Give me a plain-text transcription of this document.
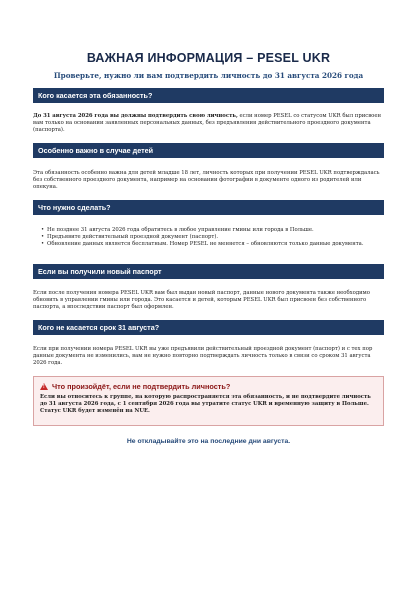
ВАЖНАЯ ИНФОРМАЦИЯ – PESEL UKR
Проверьте, нужно ли вам подтвердить личность до 31 августа 2026 года
Кого касается эта обязанность?
До 31 августа 2026 года вы должны подтвердить свою личность, если номер PESEL со статусом UKR был присвоен вам только на основании заявленных персональных данных, без предъявления действительного проездного документа (паспорта).
Особенно важно в случае детей
Эта обязанность особенно важна для детей младше 18 лет, личность которых при получении PESEL UKR подтверждалась без собственного проездного документа, например на основании фотографии в документе одного из родителей или опекуна.
Что нужно сделать?
• Не позднее 31 августа 2026 года обратитесь в любое управление гмины или города в Польше.
• Предъявите действительный проездной документ (паспорт).
• Обновление данных является бесплатным. Номер PESEL не меняется – обновляются только данные документа.
Если вы получили новый паспорт
Если после получения номера PESEL UKR вам был выдан новый паспорт, данные нового документа также необходимо обновить в управлении гмины или города. Это касается и детей, которым PESEL UKR был присвоен без собственного паспорта, а впоследствии паспорт был оформлен.
Кого не касается срок 31 августа?
Если при получении номера PESEL UKR вы уже предъявили действительный проездной документ (паспорт) и с тех пор данные документа не изменились, вам не нужно повторно подтверждать личность только в связи со сроком 31 августа 2026 года.
! Что произойдёт, если не подтвердить личность?
Если вы относитесь к группе, на которую распространяется эта обязанность, и не подтвердите личность до 31 августа 2026 года, с 1 сентября 2026 года вы утратите статус UKR и временную защиту в Польше. Статус UKR будет изменён на NUE.
Не откладывайте это на последние дни августа.
